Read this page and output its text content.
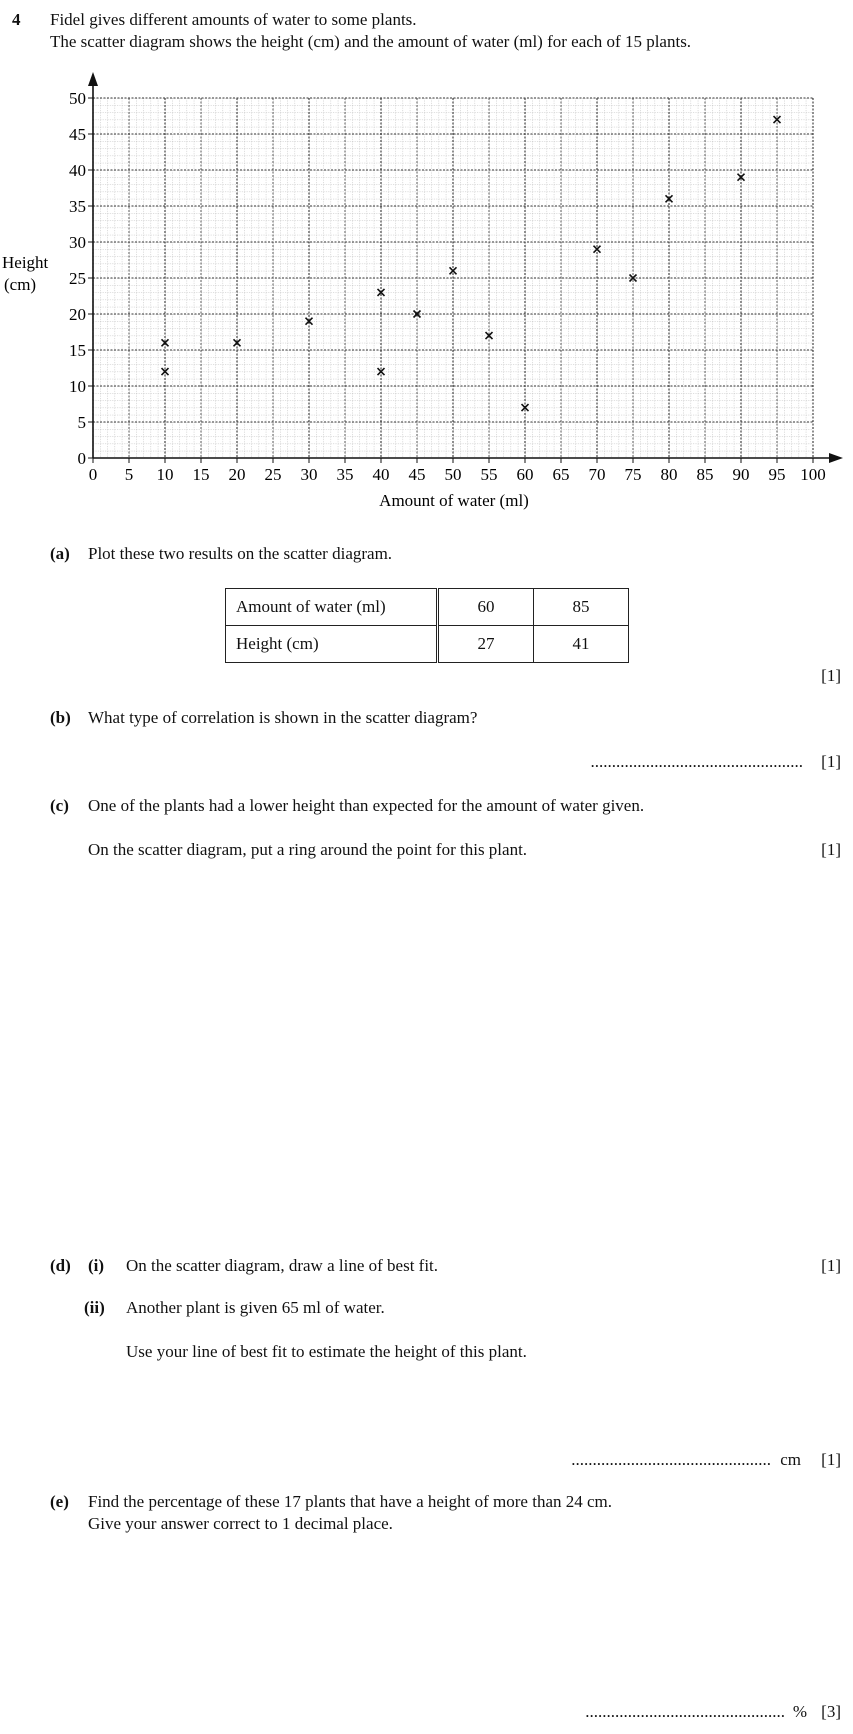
4 Fidel gives different amounts of water to some plants.
The scatter diagram shows the height (cm) and the amount of water (ml) for each of 15 plants.
0 5 10 15 20 25 30 35 40 45 50 55 60 65 70 75 80 85 90 95 100
0
5
10
15
20
25
30
35
40
45
50
Amount of water (ml)
Height
(cm)
(a) Plot these two results on the scatter diagram.
Amount of water (ml)	60	85
Height (cm)	27	41
[1]
(b) What type of correlation is shown in the scatter diagram?
.................................................. [1]
(c) One of the plants had a lower height than expected for the amount of water given.
On the scatter diagram, put a ring around the point for this plant.	[1]
(d) (i) On the scatter diagram, draw a line of best fit.	[1]
(ii) Another plant is given 65 ml of water.
Use your line of best fit to estimate the height of this plant.
............................................... cm [1]
(e) Find the percentage of these 17 plants that have a height of more than 24 cm.
Give your answer correct to 1 decimal place.
............................................... % [3]
